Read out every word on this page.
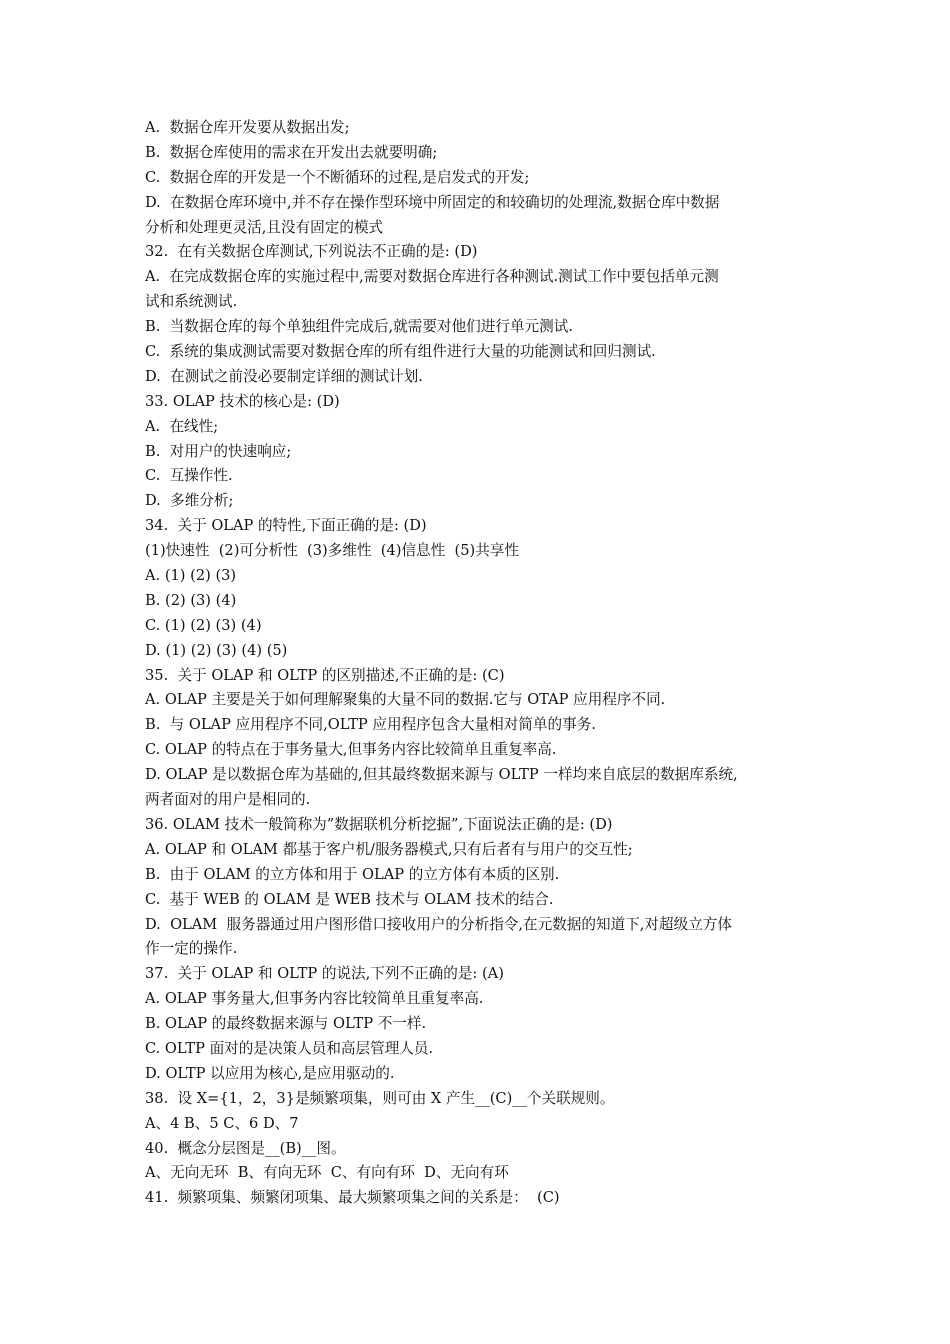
A.  数据仓库开发要从数据出发;
B.  数据仓库使用的需求在开发出去就要明确;
C.  数据仓库的开发是一个不断循环的过程,是启发式的开发;
D.  在数据仓库环境中,并不存在操作型环境中所固定的和较确切的处理流,数据仓库中数据
分析和处理更灵活,且没有固定的模式
32.  在有关数据仓库测试,下列说法不正确的是: (D)
A.  在完成数据仓库的实施过程中,需要对数据仓库进行各种测试.测试工作中要包括单元测
试和系统测试.
B.  当数据仓库的每个单独组件完成后,就需要对他们进行单元测试.
C.  系统的集成测试需要对数据仓库的所有组件进行大量的功能测试和回归测试.
D.  在测试之前没必要制定详细的测试计划.
33. OLAP 技术的核心是: (D)
A.  在线性;
B.  对用户的快速响应;
C.  互操作性.
D.  多维分析;
34.  关于 OLAP 的特性,下面正确的是: (D)
(1)快速性  (2)可分析性  (3)多维性  (4)信息性  (5)共享性
A. (1) (2) (3)
B. (2) (3) (4)
C. (1) (2) (3) (4)
D. (1) (2) (3) (4) (5)
35.  关于 OLAP 和 OLTP 的区别描述,不正确的是: (C)
A. OLAP 主要是关于如何理解聚集的大量不同的数据.它与 OTAP 应用程序不同.
B.  与 OLAP 应用程序不同,OLTP 应用程序包含大量相对简单的事务.
C. OLAP 的特点在于事务量大,但事务内容比较简单且重复率高.
D. OLAP 是以数据仓库为基础的,但其最终数据来源与 OLTP 一样均来自底层的数据库系统,
两者面对的用户是相同的.
36. OLAM 技术一般简称为”数据联机分析挖掘”,下面说法正确的是: (D)
A. OLAP 和 OLAM 都基于客户机/服务器模式,只有后者有与用户的交互性;
B.  由于 OLAM 的立方体和用于 OLAP 的立方体有本质的区别.
C.  基于 WEB 的 OLAM 是 WEB 技术与 OLAM 技术的结合.
D.  OLAM  服务器通过用户图形借口接收用户的分析指令,在元数据的知道下,对超级立方体
作一定的操作.
37.  关于 OLAP 和 OLTP 的说法,下列不正确的是: (A)
A. OLAP 事务量大,但事务内容比较简单且重复率高.
B. OLAP 的最终数据来源与 OLTP 不一样.
C. OLTP 面对的是决策人员和高层管理人员.
D. OLTP 以应用为核心,是应用驱动的.
38.  设 X={1，2，3}是频繁项集，则可由 X 产生__(C)__个关联规则。
A、4 B、5 C、6 D、7
40.  概念分层图是__(B)__图。
A、无向无环  B、有向无环  C、有向有环  D、无向有环
41.  频繁项集、频繁闭项集、最大频繁项集之间的关系是：  (C)
